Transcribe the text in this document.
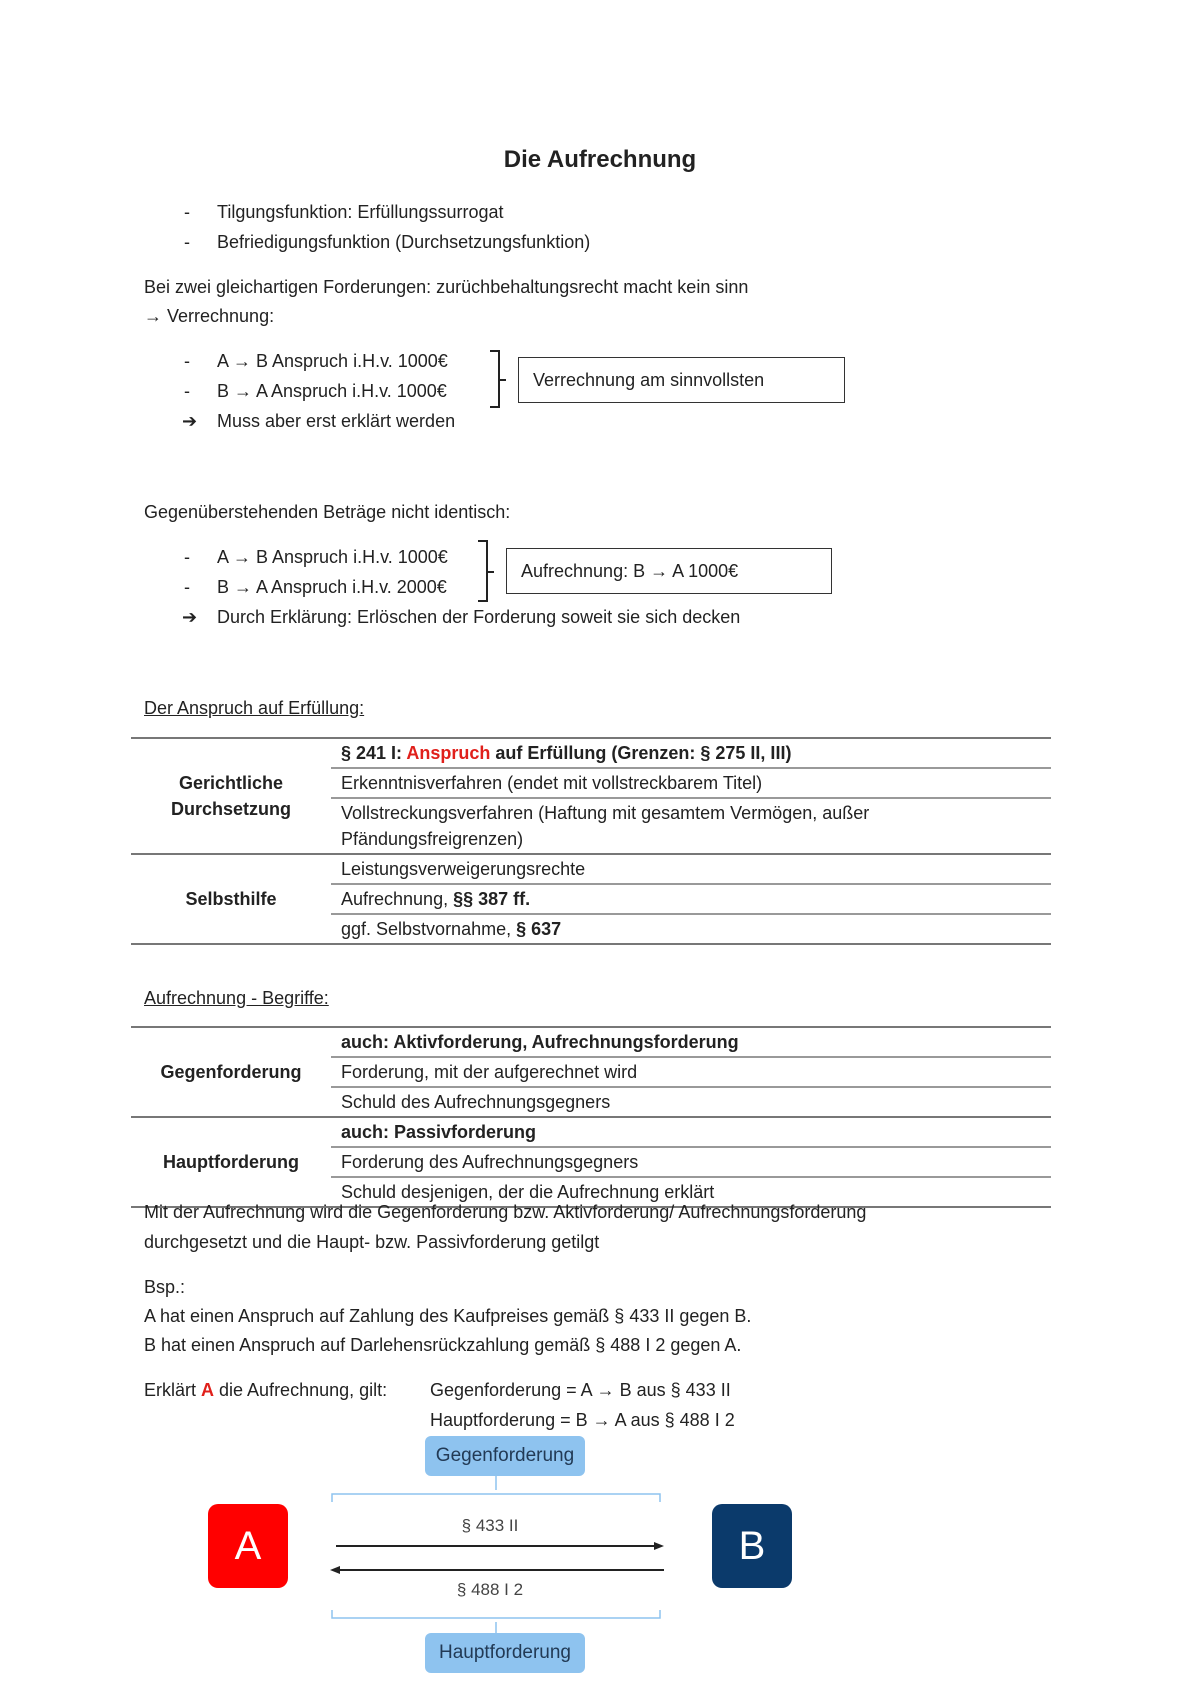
Die Aufrechnung
- Tilgungsfunktion: Erfüllungssurrogat
- Befriedigungsfunktion (Durchsetzungsfunktion)
Bei zwei gleichartigen Forderungen: zurüchbehaltungsrecht macht kein sinn
→ Verrechnung:
- A → B Anspruch i.H.v. 1000€
- B → A Anspruch i.H.v. 1000€
➔ Muss aber erst erklärt werden
Verrechnung am sinnvollsten
Gegenüberstehenden Beträge nicht identisch:
- A → B Anspruch i.H.v. 1000€
- B → A Anspruch i.H.v. 2000€
➔ Durch Erklärung: Erlöschen der Forderung soweit sie sich decken
Aufrechnung: B → A 1000€
Der Anspruch auf Erfüllung:
Gerichtliche Durchsetzung	§ 241 I: Anspruch auf Erfüllung (Grenzen: § 275 II, III)
	Erkenntnisverfahren (endet mit vollstreckbarem Titel)
	Vollstreckungsverfahren (Haftung mit gesamtem Vermögen, außer Pfändungsfreigrenzen)
Selbsthilfe	Leistungsverweigerungsrechte
	Aufrechnung, §§ 387 ff.
	ggf. Selbstvornahme, § 637
Aufrechnung - Begriffe:
Gegenforderung	auch: Aktivforderung, Aufrechnungsforderung
	Forderung, mit der aufgerechnet wird
	Schuld des Aufrechnungsgegners
Hauptforderung	auch: Passivforderung
	Forderung des Aufrechnungsgegners
	Schuld desjenigen, der die Aufrechnung erklärt
Mit der Aufrechnung wird die Gegenforderung bzw. Aktivforderung/ Aufrechnungsforderung
durchgesetzt und die Haupt- bzw. Passivforderung getilgt
Bsp.:
A hat einen Anspruch auf Zahlung des Kaufpreises gemäß § 433 II gegen B.
B hat einen Anspruch auf Darlehensrückzahlung gemäß § 488 I 2 gegen A.
Erklärt A die Aufrechnung, gilt: Gegenforderung = A → B aus § 433 II
Hauptforderung = B → A aus § 488 I 2
Gegenforderung
Hauptforderung
A	B
§ 433 II
§ 488 I 2
